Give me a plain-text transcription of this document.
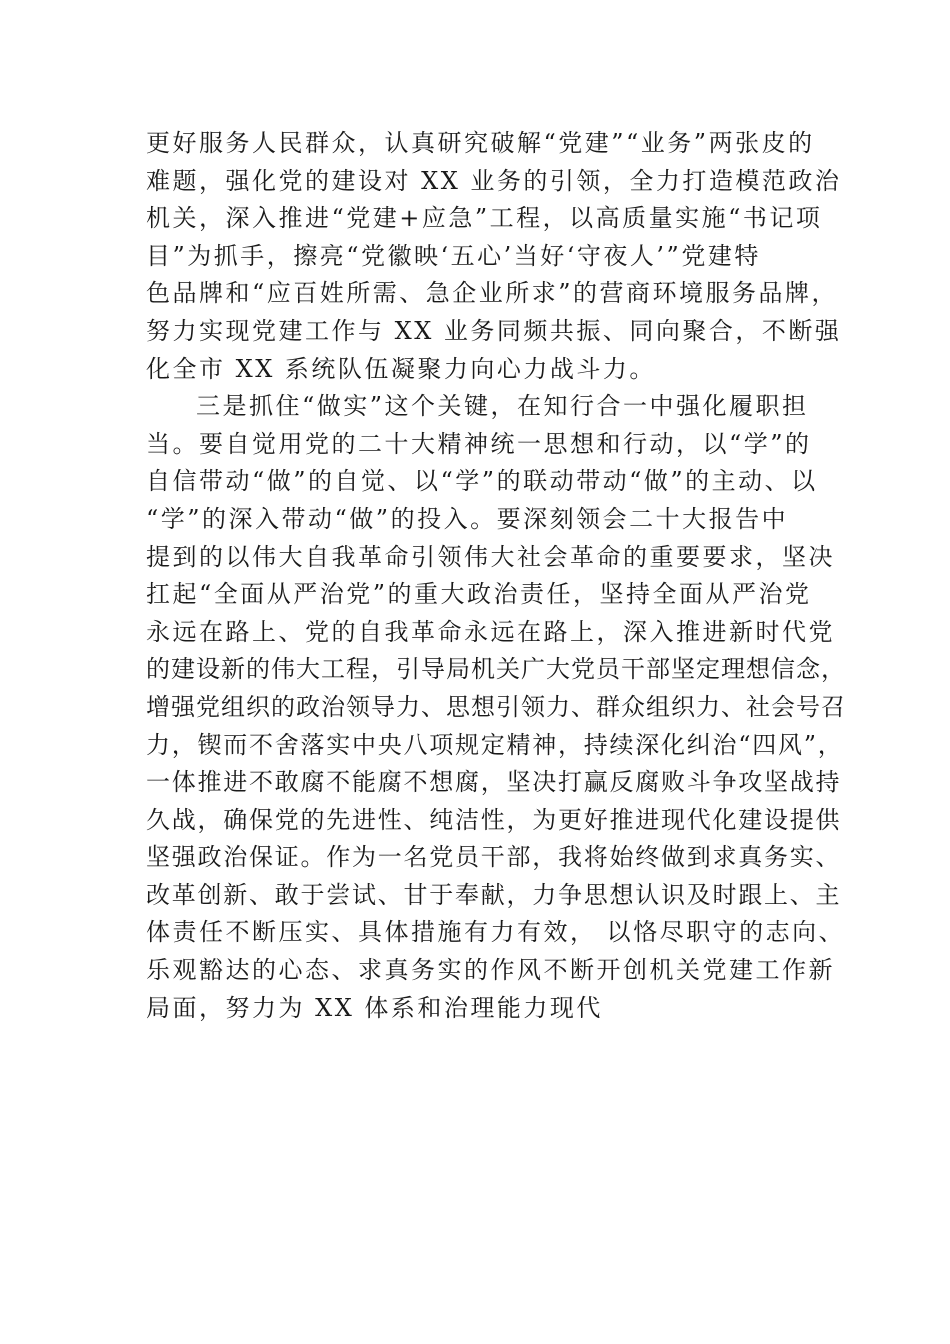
更好服务人民群众，认真研究破解“党建”“业务”两张皮的
难题，强化党的建设对 XX 业务的引领，全力打造模范政治
机关，深入推进“党建+应急”工程，以高质量实施“书记项
目”为抓手，擦亮“党徽映‘五心’当好‘守夜人’”党建特
色品牌和“应百姓所需、急企业所求”的营商环境服务品牌，
努力实现党建工作与 XX 业务同频共振、同向聚合，不断强
化全市 XX 系统队伍凝聚力向心力战斗力。
三是抓住“做实”这个关键，在知行合一中强化履职担
当。要自觉用党的二十大精神统一思想和行动，以“学”的
自信带动“做”的自觉、以“学”的联动带动“做”的主动、以
“学”的深入带动“做”的投入。要深刻领会二十大报告中
提到的以伟大自我革命引领伟大社会革命的重要要求，坚决
扛起“全面从严治党”的重大政治责任，坚持全面从严治党
永远在路上、党的自我革命永远在路上，深入推进新时代党
的建设新的伟大工程，引导局机关广大党员干部坚定理想信念，
增强党组织的政治领导力、思想引领力、群众组织力、社会号召
力，锲而不舍落实中央八项规定精神，持续深化纠治“四风”，
一体推进不敢腐不能腐不想腐，坚决打赢反腐败斗争攻坚战持
久战，确保党的先进性、纯洁性，为更好推进现代化建设提供
坚强政治保证。作为一名党员干部，我将始终做到求真务实、
改革创新、敢于尝试、甘于奉献，力争思想认识及时跟上、主
体责任不断压实、具体措施有力有效， 以恪尽职守的志向、
乐观豁达的心态、求真务实的作风不断开创机关党建工作新
局面，努力为 XX 体系和治理能力现代
